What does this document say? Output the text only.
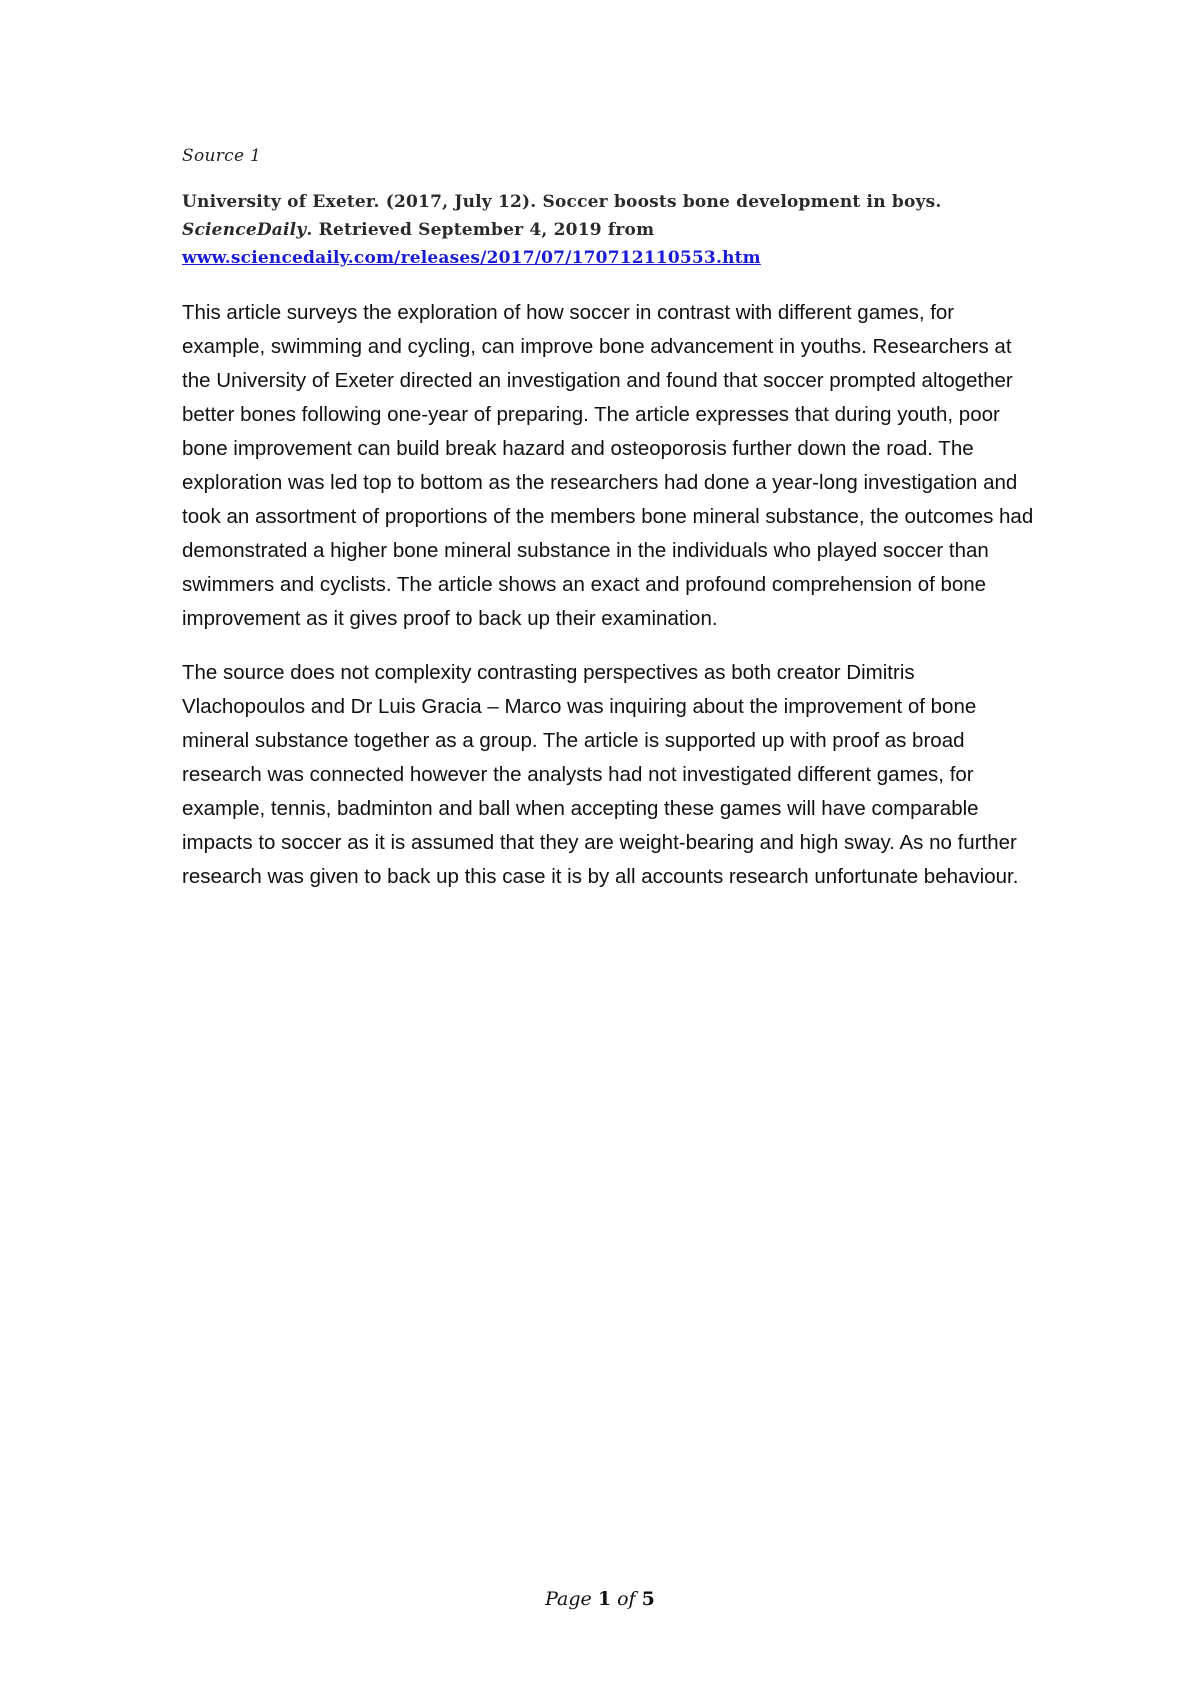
Source 1

University of Exeter. (2017, July 12). Soccer boosts bone development in boys. ScienceDaily. Retrieved September 4, 2019 from
www.sciencedaily.com/releases/2017/07/170712110553.htm

This article surveys the exploration of how soccer in contrast with different games, for example, swimming and cycling, can improve bone advancement in youths. Researchers at the University of Exeter directed an investigation and found that soccer prompted altogether better bones following one-year of preparing. The article expresses that during youth, poor bone improvement can build break hazard and osteoporosis further down the road. The exploration was led top to bottom as the researchers had done a year-long investigation and took an assortment of proportions of the members bone mineral substance, the outcomes had demonstrated a higher bone mineral substance in the individuals who played soccer than swimmers and cyclists. The article shows an exact and profound comprehension of bone improvement as it gives proof to back up their examination.

The source does not complexity contrasting perspectives as both creator Dimitris Vlachopoulos and Dr Luis Gracia – Marco was inquiring about the improvement of bone mineral substance together as a group. The article is supported up with proof as broad research was connected however the analysts had not investigated different games, for example, tennis, badminton and ball when accepting these games will have comparable impacts to soccer as it is assumed that they are weight-bearing and high sway. As no further research was given to back up this case it is by all accounts research unfortunate behaviour.

Page 1 of 5
